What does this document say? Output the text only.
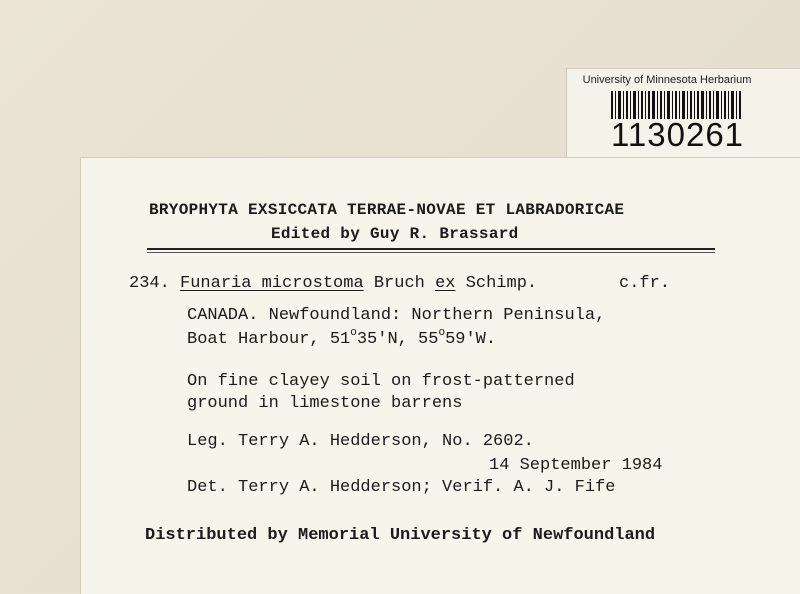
University of Minnesota Herbarium
1130261
BRYOPHYTA EXSICCATA TERRAE-NOVAE ET LABRADORICAE
Edited by Guy R. Brassard
234. Funaria microstoma Bruch ex Schimp.	c.fr.
CANADA. Newfoundland: Northern Peninsula,
Boat Harbour, 51$^o$35'N, 55$^o$59'W.
On fine clayey soil on frost-patterned
ground in limestone barrens
Leg. Terry A. Hedderson, No. 2602.
14 September 1984
Det. Terry A. Hedderson; Verif. A. J. Fife
Distributed by Memorial University of Newfoundland
